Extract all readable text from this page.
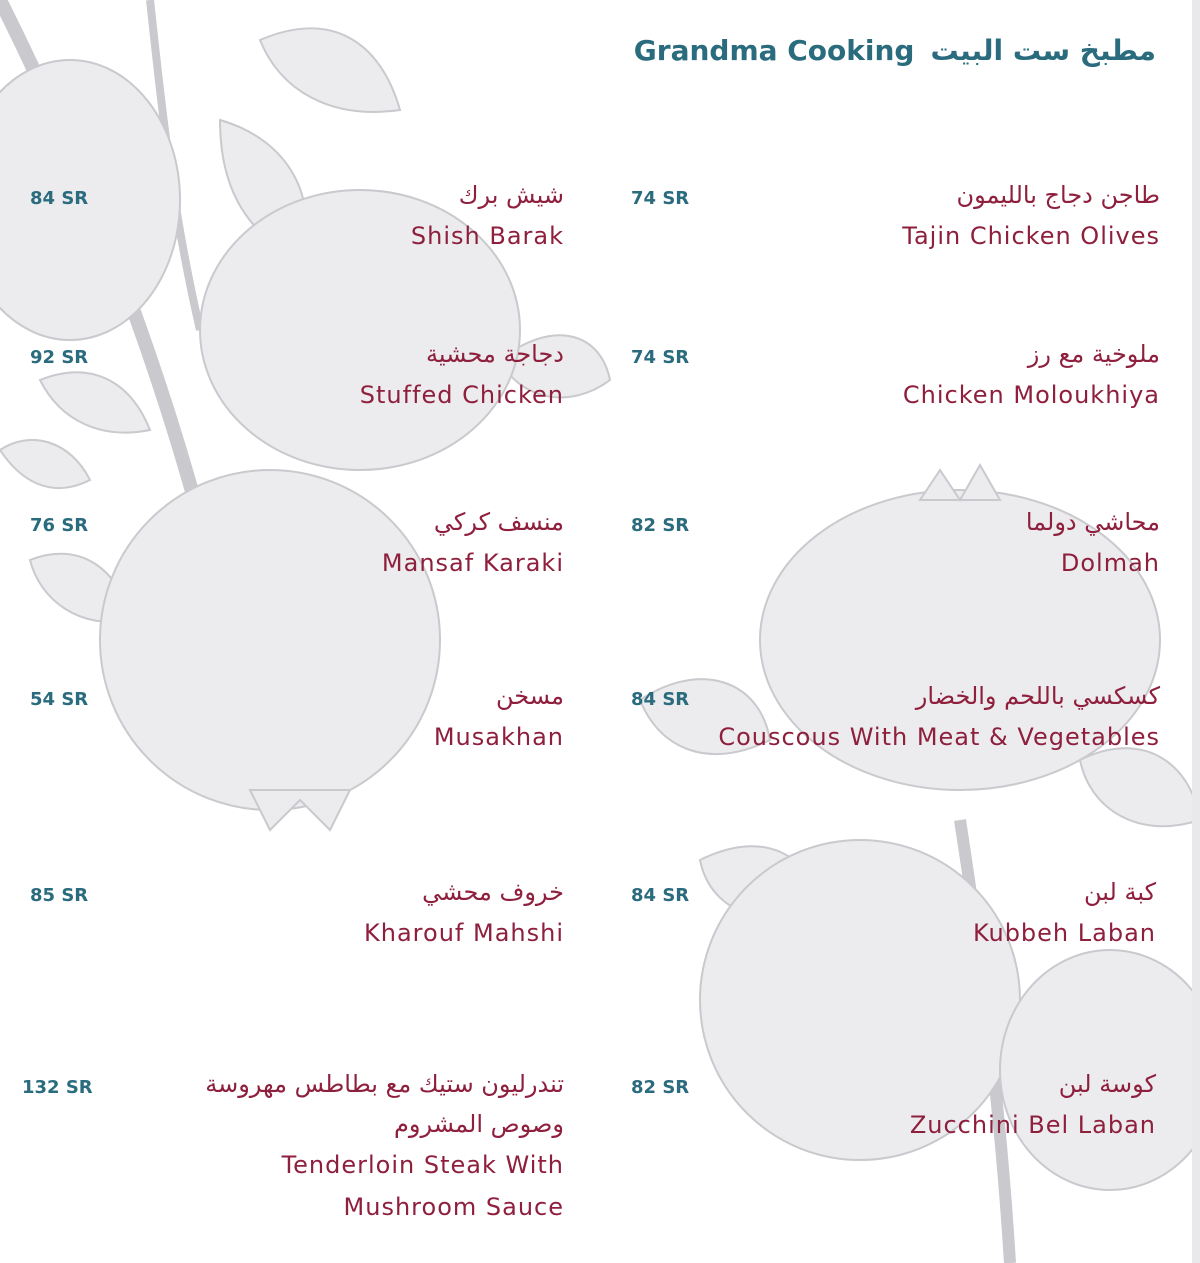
Grandma Cooking مطبخ ست البيت
84 SR	شيش برك
Shish Barak
92 SR	دجاجة محشية
Stuffed Chicken
76 SR	منسف كركي
Mansaf Karaki
54 SR	مسخن
Musakhan
85 SR	خروف محشي
Kharouf Mahshi
132 SR	تندرليون ستيك مع بطاطس مهروسة
وصوص المشروم
Tenderloin Steak With
Mushroom Sauce
74 SR	طاجن دجاج بالليمون
Tajin Chicken Olives
74 SR	ملوخية مع رز
Chicken Moloukhiya
82 SR	محاشي دولما
Dolmah
84 SR	كسكسي باللحم والخضار
Couscous With Meat & Vegetables
84 SR	كبة لبن
Kubbeh Laban
82 SR	كوسة لبن
Zucchini Bel Laban
